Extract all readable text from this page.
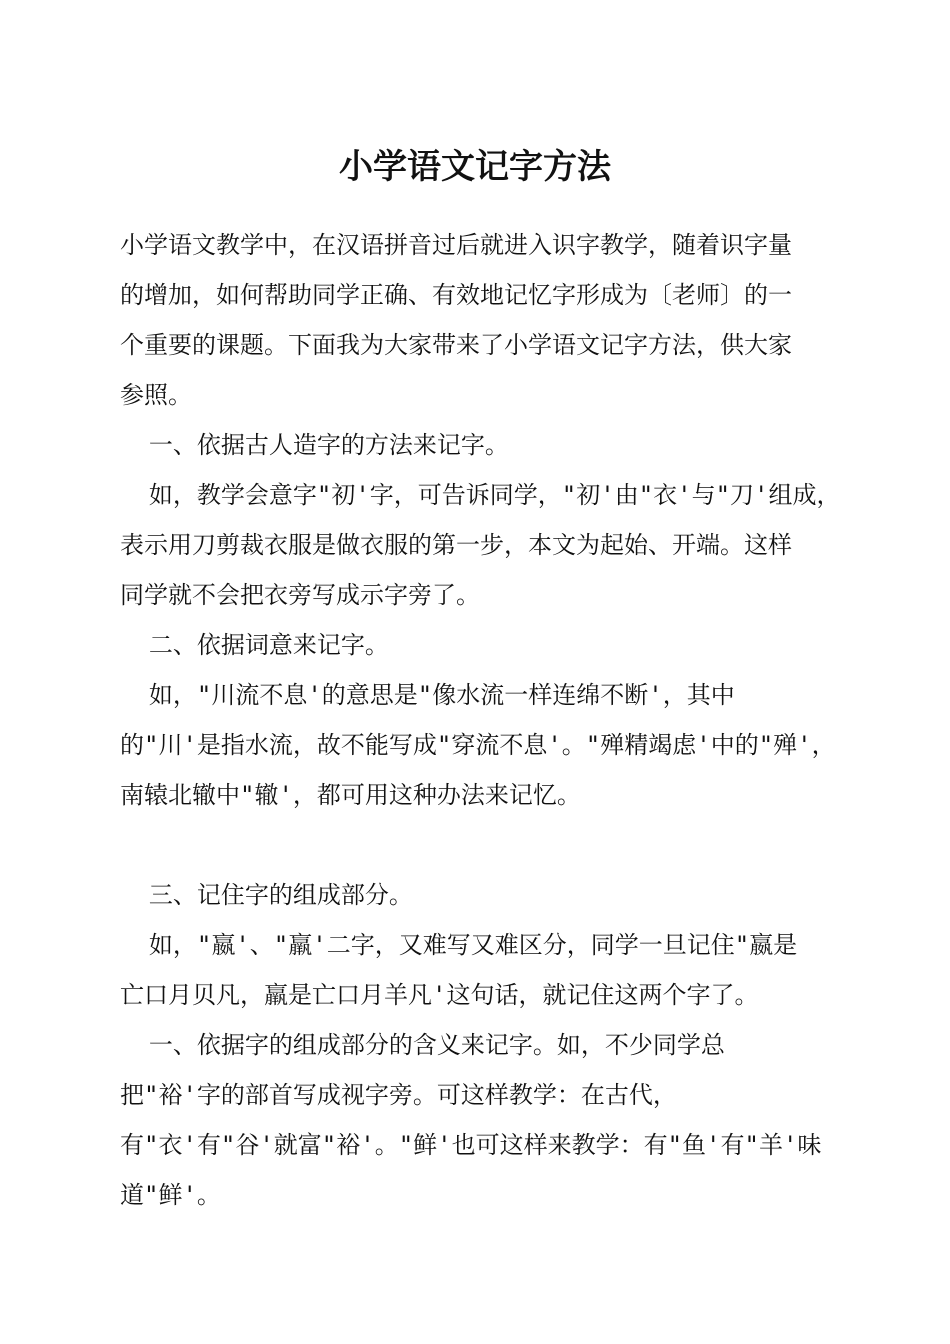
小学语文记字方法
小学语文教学中，在汉语拼音过后就进入识字教学，随着识字量
的增加，如何帮助同学正确、有效地记忆字形成为〔老师〕的一
个重要的课题。下面我为大家带来了小学语文记字方法，供大家
参照。
一、依据古人造字的方法来记字。
如，教学会意字"初'字，可告诉同学，"初'由"衣'与"刀'组成，
表示用刀剪裁衣服是做衣服的第一步，本文为起始、开端。这样
同学就不会把衣旁写成示字旁了。
二、依据词意来记字。
如，"川流不息'的意思是"像水流一样连绵不断'，其中
的"川'是指水流，故不能写成"穿流不息'。"殚精竭虑'中的"殚'，
南辕北辙中"辙'，都可用这种办法来记忆。
三、记住字的组成部分。
如，"嬴'、"羸'二字，又难写又难区分，同学一旦记住"嬴是
亡口月贝凡，羸是亡口月羊凡'这句话，就记住这两个字了。
一、依据字的组成部分的含义来记字。如，不少同学总
把"裕'字的部首写成视字旁。可这样教学：在古代，
有"衣'有"谷'就富"裕'。"鲜'也可这样来教学：有"鱼'有"羊'味
道"鲜'。
